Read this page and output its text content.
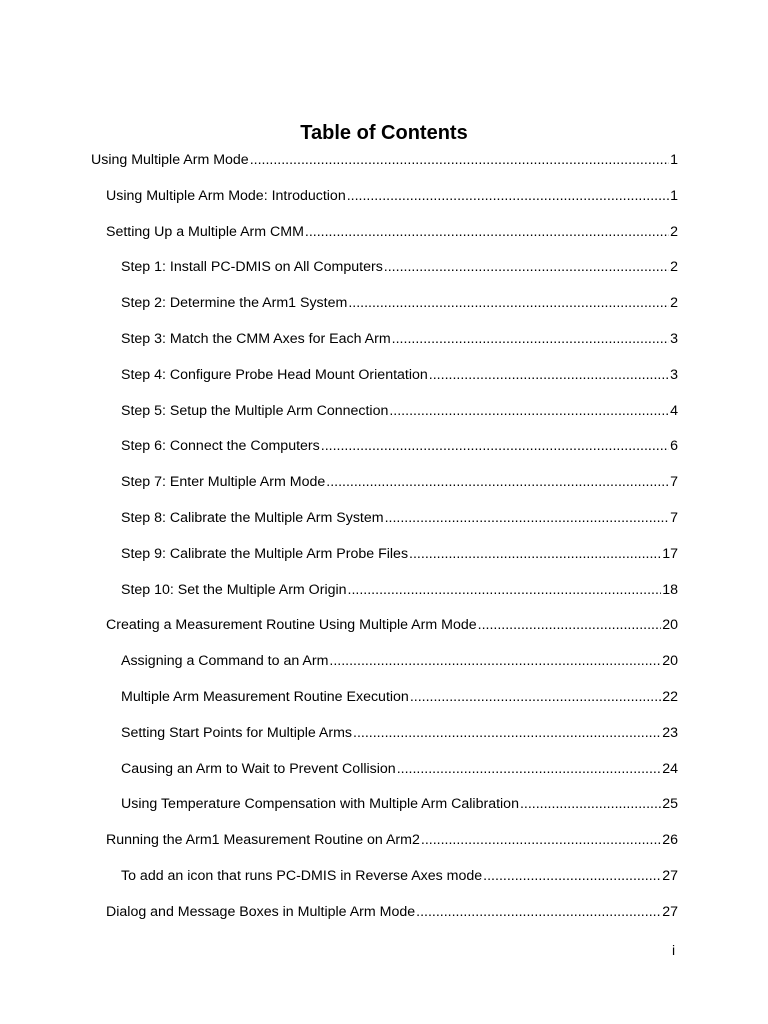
Table of Contents
Using Multiple Arm Mode .....	1
Using Multiple Arm Mode: Introduction .....	1
Setting Up a Multiple Arm CMM .....	2
Step 1: Install PC-DMIS on All Computers .....	2
Step 2: Determine the Arm1 System .....	2
Step 3: Match the CMM Axes for Each Arm .....	3
Step 4: Configure Probe Head Mount Orientation .....	3
Step 5: Setup the Multiple Arm Connection .....	4
Step 6: Connect the Computers .....	6
Step 7: Enter Multiple Arm Mode .....	7
Step 8: Calibrate the Multiple Arm System .....	7
Step 9: Calibrate the Multiple Arm Probe Files .....	17
Step 10: Set the Multiple Arm Origin .....	18
Creating a Measurement Routine Using Multiple Arm Mode .....	20
Assigning a Command to an Arm .....	20
Multiple Arm Measurement Routine Execution .....	22
Setting Start Points for Multiple Arms .....	23
Causing an Arm to Wait to Prevent Collision .....	24
Using Temperature Compensation with Multiple Arm Calibration .....	25
Running the Arm1 Measurement Routine on Arm2 .....	26
To add an icon that runs PC-DMIS in Reverse Axes mode .....	27
Dialog and Message Boxes in Multiple Arm Mode .....	27
i
